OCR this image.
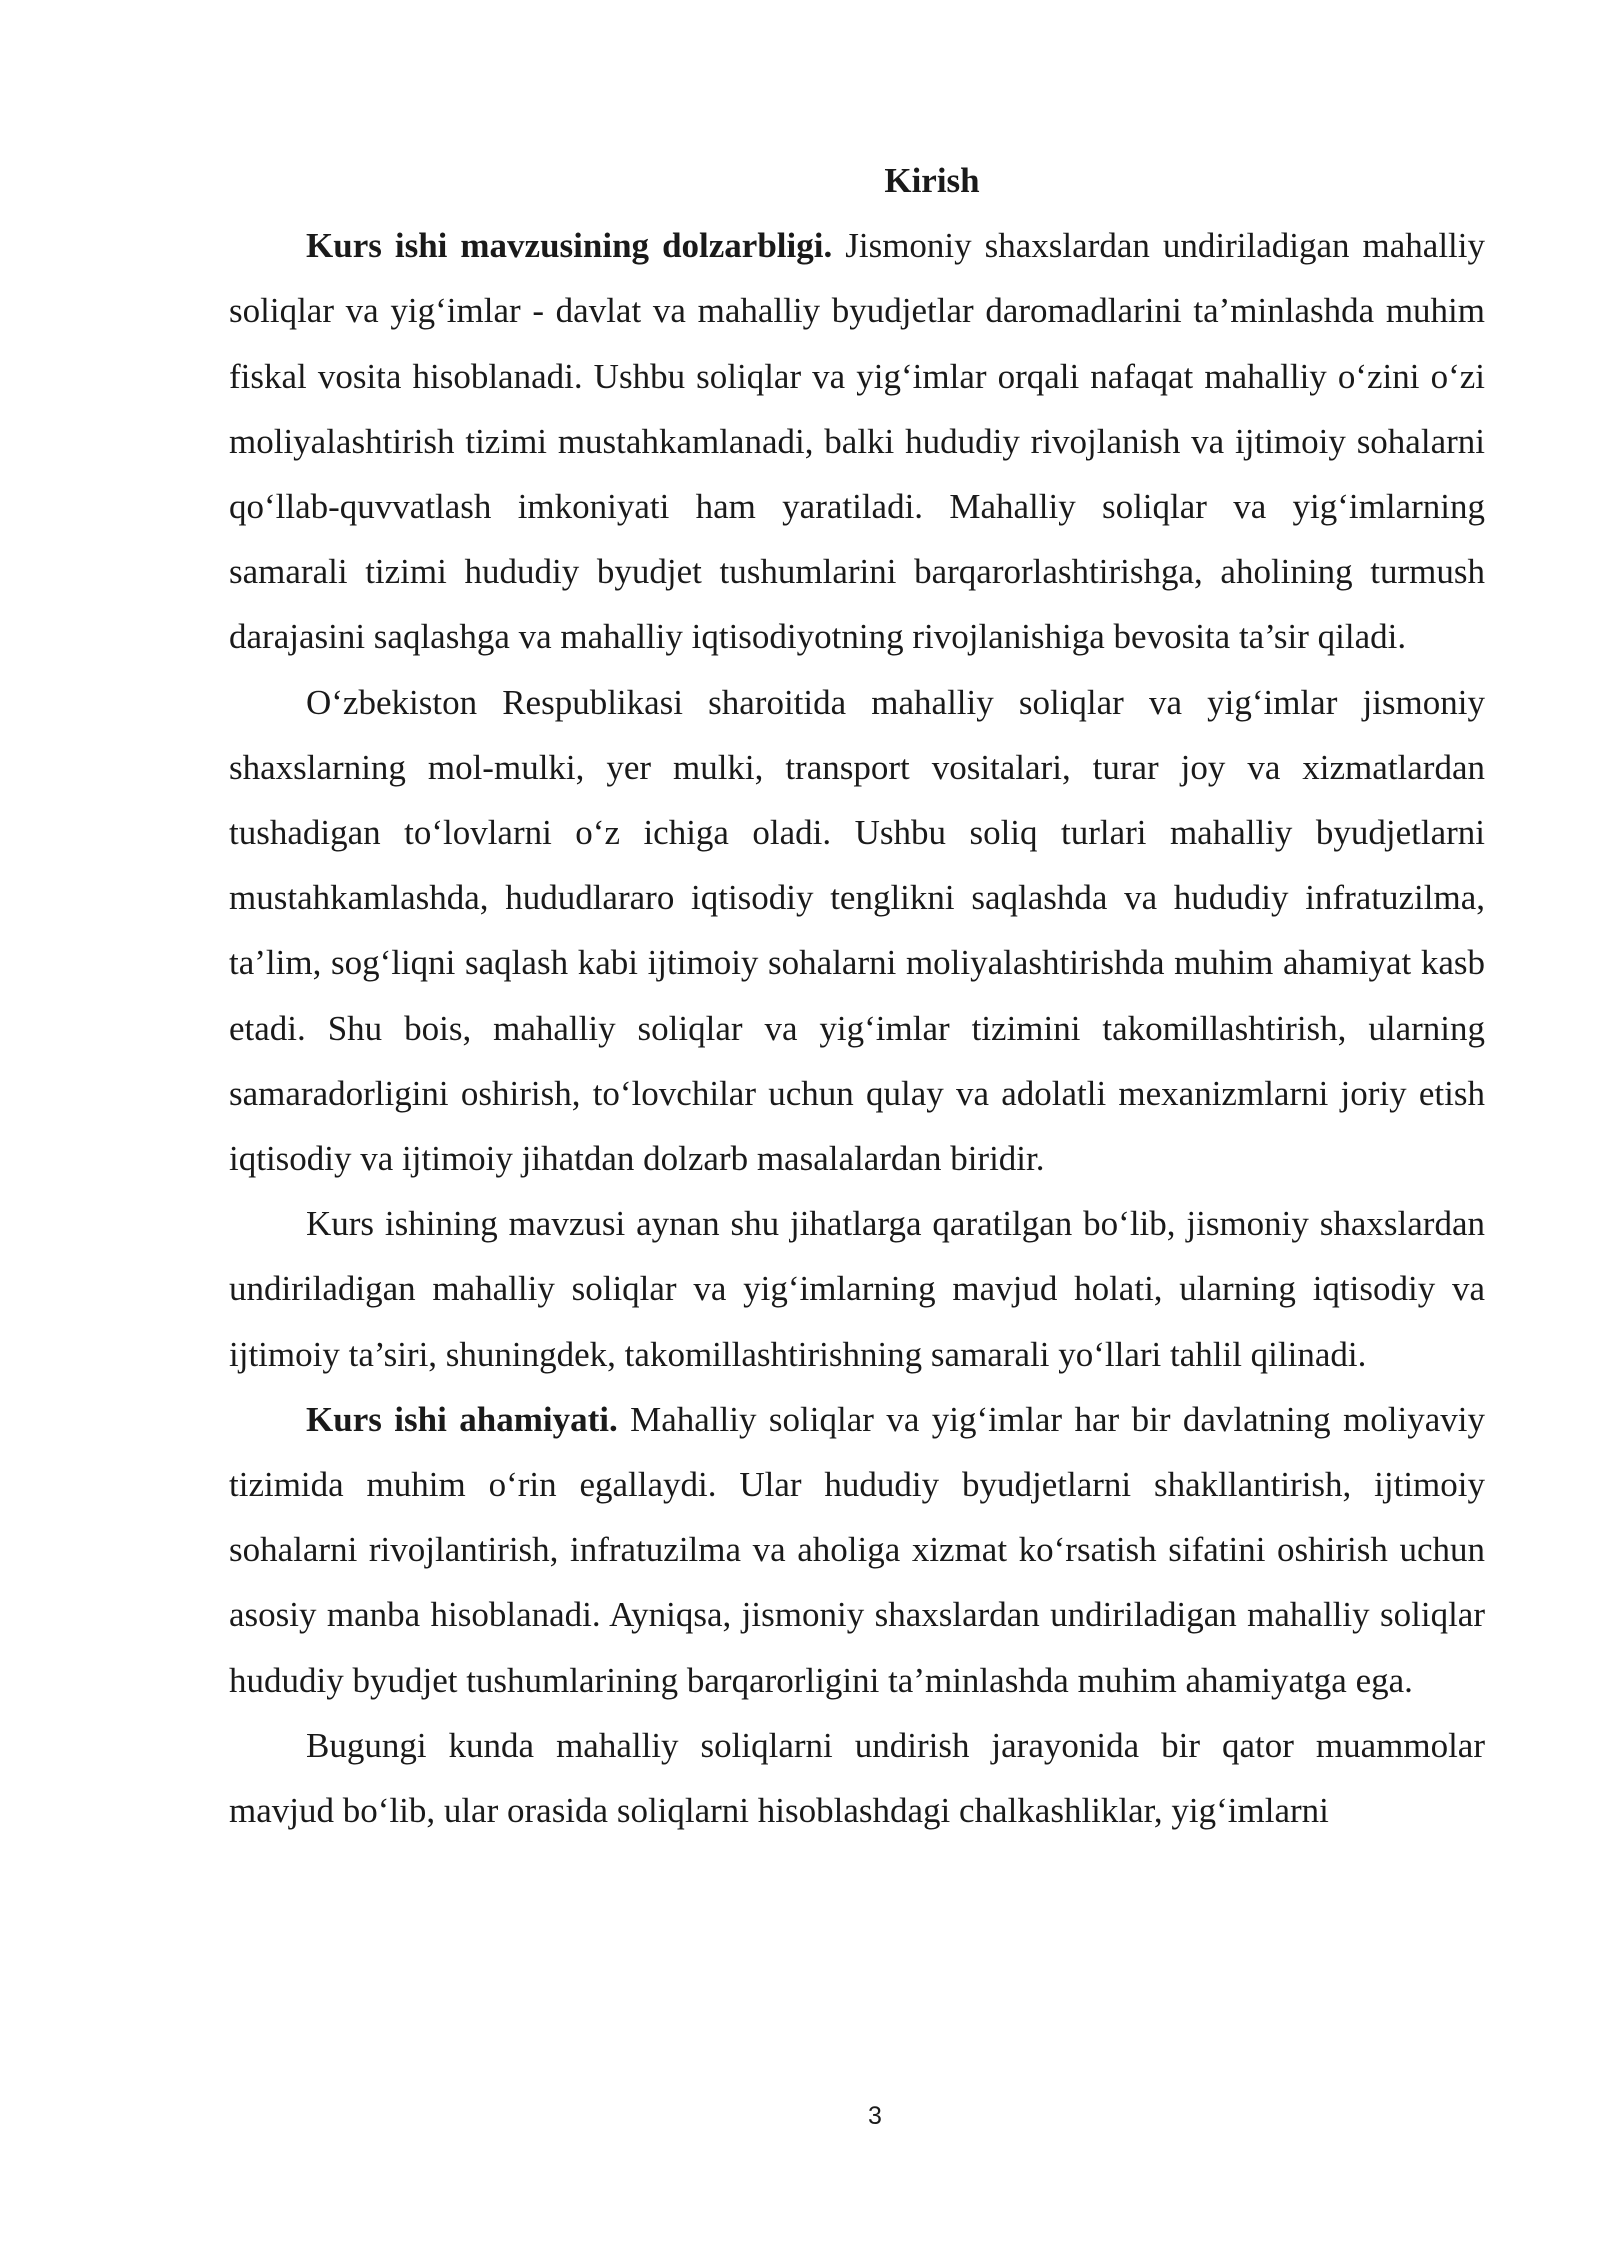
Kirish

Kurs ishi mavzusining dolzarbligi. Jismoniy shaxslardan undiriladigan mahalliy soliqlar va yig‘imlar - davlat va mahalliy byudjetlar daromadlarini ta’minlashda muhim fiskal vosita hisoblanadi. Ushbu soliqlar va yig‘imlar orqali nafaqat mahalliy o‘zini o‘zi moliyalashtirish tizimi mustahkamlanadi, balki hududiy rivojlanish va ijtimoiy sohalarni qo‘llab-quvvatlash imkoniyati ham yaratiladi. Mahalliy soliqlar va yig‘imlarning samarali tizimi hududiy byudjet tushumlarini barqarorlashtirishga, aholining turmush darajasini saqlashga va mahalliy iqtisodiyotning rivojlanishiga bevosita ta’sir qiladi.

O‘zbekiston Respublikasi sharoitida mahalliy soliqlar va yig‘imlar jismoniy shaxslarning mol-mulki, yer mulki, transport vositalari, turar joy va xizmatlardan tushadigan to‘lovlarni o‘z ichiga oladi. Ushbu soliq turlari mahalliy byudjetlarni mustahkamlashda, hududlararo iqtisodiy tenglikni saqlashda va hududiy infratuzilma, ta’lim, sog‘liqni saqlash kabi ijtimoiy sohalarni moliyalashtirishda muhim ahamiyat kasb etadi. Shu bois, mahalliy soliqlar va yig‘imlar tizimini takomillashtirish, ularning samaradorligini oshirish, to‘lovchilar uchun qulay va adolatli mexanizmlarni joriy etish iqtisodiy va ijtimoiy jihatdan dolzarb masalalardan biridir.

Kurs ishining mavzusi aynan shu jihatlarga qaratilgan bo‘lib, jismoniy shaxslardan undiriladigan mahalliy soliqlar va yig‘imlarning mavjud holati, ularning iqtisodiy va ijtimoiy ta’siri, shuningdek, takomillashtirishning samarali yo‘llari tahlil qilinadi.

Kurs ishi ahamiyati. Mahalliy soliqlar va yig‘imlar har bir davlatning moliyaviy tizimida muhim o‘rin egallaydi. Ular hududiy byudjetlarni shakllantirish, ijtimoiy sohalarni rivojlantirish, infratuzilma va aholiga xizmat ko‘rsatish sifatini oshirish uchun asosiy manba hisoblanadi. Ayniqsa, jismoniy shaxslardan undiriladigan mahalliy soliqlar hududiy byudjet tushumlarining barqarorligini ta’minlashda muhim ahamiyatga ega.

Bugungi kunda mahalliy soliqlarni undirish jarayonida bir qator muammolar mavjud bo‘lib, ular orasida soliqlarni hisoblashdagi chalkashliklar, yig‘imlarni

3
